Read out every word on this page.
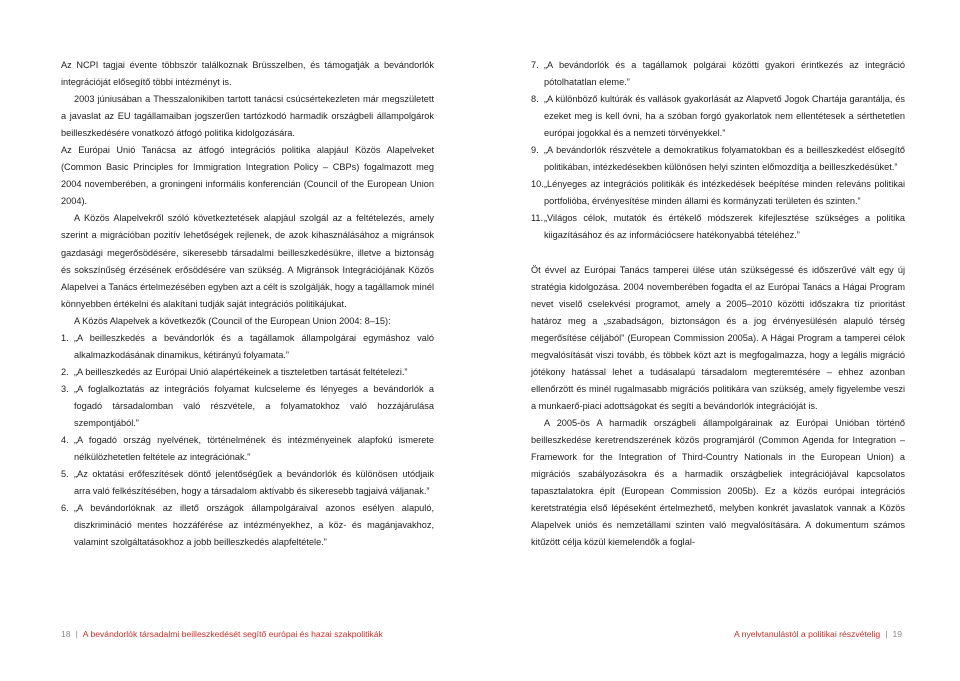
Az NCPI tagjai évente többször találkoznak Brüsszelben, és támogatják a bevándorlók integrációját elősegítő többi intézményt is.

2003 júniusában a Thesszalonikiben tartott tanácsi csúcsértekezleten már megszületett a javaslat az EU tagállamaiban jogszerűen tartózkodó harmadik országbeli állampolgárok beilleszkedésére vonatkozó átfogó politika kidolgozására.

Az Európai Unió Tanácsa az átfogó integrációs politika alapjául Közös Alapelveket (Common Basic Principles for Immigration Integration Policy – CBPs) fogalmazott meg 2004 novemberében, a groningeni informális konferencián (Council of the European Union 2004).

A Közös Alapelvekről szóló következtetések alapjául szolgál az a feltételezés, amely szerint a migrációban pozitív lehetőségek rejlenek, de azok kihasználásához a migránsok gazdasági megerősödésére, sikeresebb társadalmi beilleszkedésükre, illetve a biztonság és sokszínűség érzésének erősödésére van szükség. A Migránsok Integrációjának Közös Alapelvei a Tanács értelmezésében egyben azt a célt is szolgálják, hogy a tagállamok minél könnyebben értékelni és alakítani tudják saját integrációs politikájukat.

A Közös Alapelvek a következők (Council of the European Union 2004: 8–15):

1. „A beilleszkedés a bevándorlók és a tagállamok állampolgárai egymáshoz való alkalmazkodásának dinamikus, kétirányú folyamata.”
2. „A beilleszkedés az Európai Unió alapértékeinek a tiszteletben tartását feltételezi.”
3. „A foglalkoztatás az integrációs folyamat kulcseleme és lényeges a bevándorlók a fogadó társadalomban való részvétele, a folyamatokhoz való hozzájárulása szempontjából.”
4. „A fogadó ország nyelvének, történelmének és intézményeinek alapfokú ismerete nélkülözhetetlen feltétele az integrációnak.”
5. „Az oktatási erőfeszítések döntő jelentőségűek a bevándorlók és különösen utódjaik arra való felkészítésében, hogy a társadalom aktívabb és sikeresebb tagjaivá váljanak.”
6. „A bevándorlóknak az illető országok állampolgáraival azonos esélyen alapuló, diszkrimináció mentes hozzáférése az intézményekhez, a köz- és magánjavakhoz, valamint szolgáltatásokhoz a jobb beilleszkedés alapfeltétele.”
7. „A bevándorlók és a tagállamok polgárai közötti gyakori érintkezés az integráció pótolhatatlan eleme.”
8. „A különböző kultúrák és vallások gyakorlását az Alapvető Jogok Chartája garantálja, és ezeket meg is kell óvni, ha a szóban forgó gyakorlatok nem ellentétesek a sérthetetlen európai jogokkal és a nemzeti törvényekkel.”
9. „A bevándorlók részvétele a demokratikus folyamatokban és a beilleszkedést elősegítő politikában, intézkedésekben különösen helyi szinten előmozdítja a beilleszkedésüket.”
10. „Lényeges az integrációs politikák és intézkedések beépítése minden releváns politikai portfolióba, érvényesítése minden állami és kormányzati területen és szinten.”
11. „Világos célok, mutatók és értékelő módszerek kifejlesztése szükséges a politika kiigazításához és az információcsere hatékonyabbá tételéhez.”

Öt évvel az Európai Tanács tamperei ülése után szükségessé és időszerűvé vált egy új stratégia kidolgozása. 2004 novemberében fogadta el az Európai Tanács a Hágai Program nevet viselő cselekvési programot, amely a 2005–2010 közötti időszakra tíz prioritást határoz meg a „szabadságon, biztonságon és a jog érvényesülésén alapuló térség megerősítése céljából” (European Commission 2005a). A Hágai Program a tamperei célok megvalósítását viszi tovább, és többek közt azt is megfogalmazza, hogy a legális migráció jótékony hatással lehet a tudásalapú társadalom megteremtésére – ehhez azonban ellenőrzött és minél rugalmasabb migrációs politikára van szükség, amely figyelembe veszi a munkaerő-piaci adottságokat és segíti a bevándorlók integrációját is.

A 2005-ös A harmadik országbeli állampolgárainak az Európai Unióban történő beilleszkedése keretrendszerének közös programjáról (Common Agenda for Integration – Framework for the Integration of Third-Country Nationals in the European Union) a migrációs szabályozásokra és a harmadik országbeliek integrációjával kapcsolatos tapasztalatokra épít (European Commission 2005b). Ez a közös európai integrációs keretstratégia első lépéseként értelmezhető, melyben konkrét javaslatok vannak a Közös Alapelvek uniós és nemzetállami szinten való megvalósítására. A dokumentum számos kitűzött célja közül kiemelendők a foglal-

18 | A bevándorlók társadalmi beilleszkedését segítő európai és hazai szakpolitikák	A nyelvtanulástól a politikai részvételig | 19
